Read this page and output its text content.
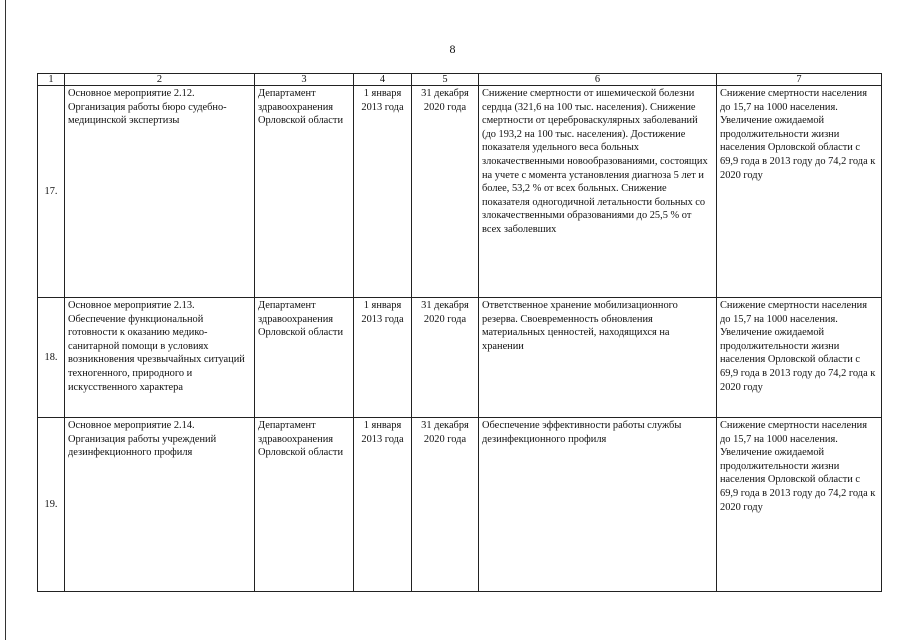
8
1	2	3	4	5	6	7
17.	Основное мероприятие 2.12. Организация работы бюро судебно-медицинской экспертизы	Департамент здравоохранения Орловской области	1 января 2013 года	31 декабря 2020 года	Снижение смертности от ишемической болезни сердца (321,6 на 100 тыс. населения). Снижение смертности от цереброваскулярных заболеваний (до 193,2 на 100 тыс. населения). Достижение показателя удельного веса больных злокачественными новообразованиями, состоящих на учете с момента установления диагноза 5 лет и более, 53,2 % от всех больных. Снижение показателя одногодичной летальности больных со злокачественными образованиями до 25,5 % от всех заболевших	Снижение смертности населения до 15,7 на 1000 населения. Увеличение ожидаемой продолжительности жизни населения Орловской области с 69,9 года в 2013 году до 74,2 года к 2020 году
18.	Основное мероприятие 2.13. Обеспечение функциональной готовности к оказанию медико-санитарной помощи в условиях возникновения чрезвычайных ситуаций техногенного, природного и искусственного характера	Департамент здравоохранения Орловской области	1 января 2013 года	31 декабря 2020 года	Ответственное хранение мобилизационного резерва. Своевременность обновления материальных ценностей, находящихся на хранении	Снижение смертности населения до 15,7 на 1000 населения. Увеличение ожидаемой продолжительности жизни населения Орловской области с 69,9 года в 2013 году до 74,2 года к 2020 году
19.	Основное мероприятие 2.14. Организация работы учреждений дезинфекционного профиля	Департамент здравоохранения Орловской области	1 января 2013 года	31 декабря 2020 года	Обеспечение эффективности работы службы дезинфекционного профиля	Снижение смертности населения до 15,7 на 1000 населения. Увеличение ожидаемой продолжительности жизни населения Орловской области с 69,9 года в 2013 году до 74,2 года к 2020 году
